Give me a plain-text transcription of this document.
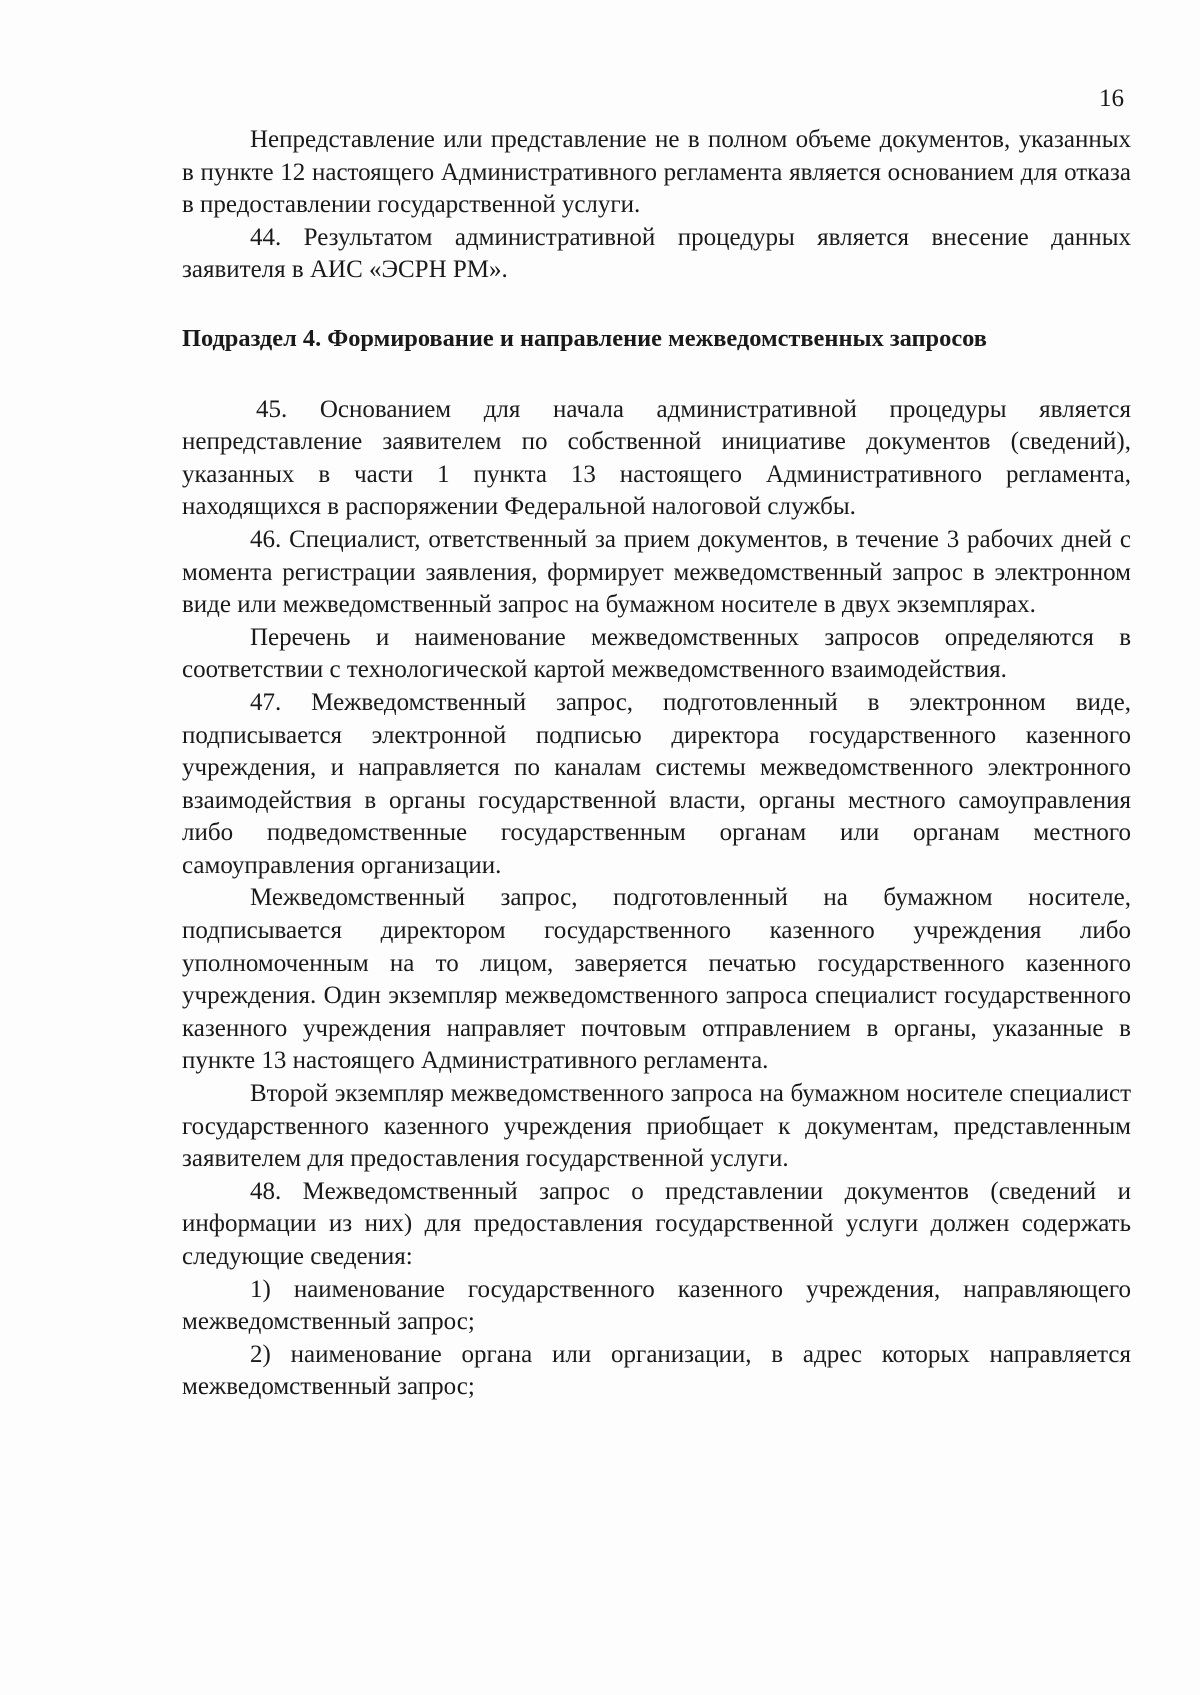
16

Непредставление или представление не в полном объеме документов, указанных в пункте 12 настоящего Административного регламента является основанием для отказа в предоставлении государственной услуги.

44. Результатом административной процедуры является внесение данных заявителя в АИС «ЭСРН РМ».

Подраздел 4. Формирование и направление межведомственных запросов

45. Основанием для начала административной процедуры является непредставление заявителем по собственной инициативе документов (сведений), указанных в части 1 пункта 13 настоящего Административного регламента, находящихся в распоряжении Федеральной налоговой службы.

46. Специалист, ответственный за прием документов, в течение 3 рабочих дней с момента регистрации заявления, формирует межведомственный запрос в электронном виде или межведомственный запрос на бумажном носителе в двух экземплярах.

Перечень и наименование межведомственных запросов определяются в соответствии с технологической картой межведомственного взаимодействия.

47. Межведомственный запрос, подготовленный в электронном виде, подписывается электронной подписью директора государственного казенного учреждения, и направляется по каналам системы межведомственного электронного взаимодействия в органы государственной власти, органы местного самоуправления либо подведомственные государственным органам или органам местного самоуправления организации.

Межведомственный запрос, подготовленный на бумажном носителе, подписывается директором государственного казенного учреждения либо уполномоченным на то лицом, заверяется печатью государственного казенного учреждения. Один экземпляр межведомственного запроса специалист государственного казенного учреждения направляет почтовым отправлением в органы, указанные в пункте 13 настоящего Административного регламента.

Второй экземпляр межведомственного запроса на бумажном носителе специалист государственного казенного учреждения приобщает к документам, представленным заявителем для предоставления государственной услуги.

48. Межведомственный запрос о представлении документов (сведений и информации из них) для предоставления государственной услуги должен содержать следующие сведения:

1) наименование государственного казенного учреждения, направляющего межведомственный запрос;

2) наименование органа или организации, в адрес которых направляется межведомственный запрос;
